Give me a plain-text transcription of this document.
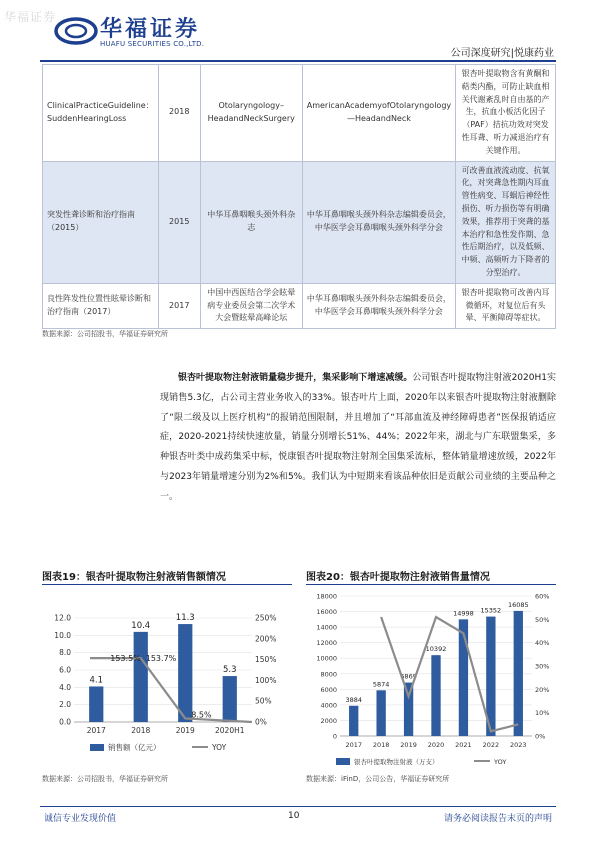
华福证券 华福证券
HUAFU SECURITIES CO.,LTD.
公司深度研究|悦康药业
ClinicalPracticeGuideline：SuddenHearingLoss	2018	Otolaryngology–HeadandNeckSurgery	AmericanAcademyofOtolaryngology—HeadandNeck	银杏叶提取物含有黄酮和萜类内酯，可防止缺血相关代谢紊乱时自由基的产生，抗血小板活化因子（PAF）拮抗功效对突发性耳聋、听力减退治疗有关键作用。
突发性聋诊断和治疗指南（2015）	2015	中华耳鼻咽喉头颈外科杂志	中华耳鼻咽喉头颈外科杂志编辑委员会，中华医学会耳鼻咽喉头颈外科学分会	可改善血液流动度、抗氧化，对突聋急性期内耳血管性病变、耳蜗后神经性损伤、听力损伤等有明确效果，推荐用于突聋的基本治疗和急性发作期、急性后期治疗，以及低频、中频、高频听力下降者的分型治疗。
良性阵发性位置性眩晕诊断和治疗指南（2017）	2017	中国中西医结合学会眩晕病专业委员会第二次学术大会暨眩晕高峰论坛	中华耳鼻咽喉头颈外科杂志编辑委员会，中华医学会耳鼻咽喉头颈外科学分会	银杏叶提取物可改善内耳微循环，对复位后有头晕、平衡障碍等症状。
数据来源：公司招股书，华福证券研究所
银杏叶提取物注射液销量稳步提升，集采影响下增速减缓。公司银杏叶提取物注射液2020H1实现销售5.3亿，占公司主营业务收入的33%。银杏叶片上面，2020年以来银杏叶提取物注射液删除了“限二级及以上医疗机构”的报销范围限制，并且增加了“耳部血流及神经障碍患者”医保报销适应症，2020-2021持续快速放量，销量分别增长51%、44%；2022年来，湖北与广东联盟集采，多种银杏叶类中成药集采中标，悦康银杏叶提取物注射剂全国集采流标，整体销量增速放缓，2022年与2023年销量增速分别为2%和5%。我们认为中短期来看该品种依旧是贡献公司业绩的主要品种之一。
图表19：银杏叶提取物注射液销售额情况	图表20：银杏叶提取物注射液销售量情况
0.0
2.0
4.0
6.0
8.0
10.0
12.0
0%
50%
100%
150%
200%
250%
4.1
2017
10.4
2018
11.3
2019
5.3
2020H1
销售额（亿元）	YOY
153.5% 153.7%
8.5%
0
2000
4000
6000
8000
10000
12000
14000
16000
18000
0%
10%
20%
30%
40%
50%
60%
3884
2017
5874
2018
6869
2019
10392
2020
14998
2021
15352
2022
16085
2023
银杏叶提取物注射液（万支）	YOY
数据来源：公司招股书，华福证券研究所	数据来源：iFinD，公司公告，华福证券研究所
诚信专业发现价值	10	请务必阅读报告末页的声明
